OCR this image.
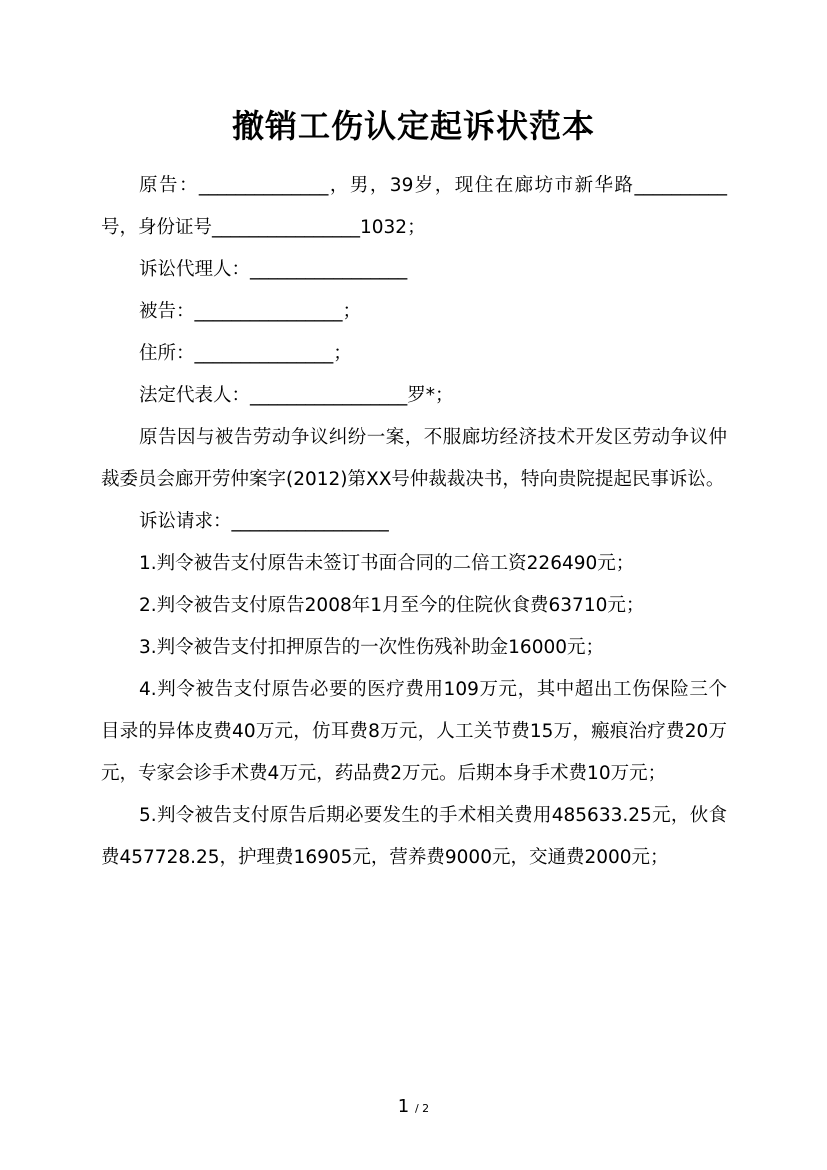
撤销工伤认定起诉状范本

原告：______________，男，39岁，现住在廊坊市新华路__________号，身份证号________________1032；

诉讼代理人：_________________

被告：________________；

住所：_______________；

法定代表人：_________________罗*；

原告因与被告劳动争议纠纷一案，不服廊坊经济技术开发区劳动争议仲裁委员会廊开劳仲案字(2012)第XX号仲裁裁决书，特向贵院提起民事诉讼。

诉讼请求：_________________

1.判令被告支付原告未签订书面合同的二倍工资226490元；

2.判令被告支付原告2008年1月至今的住院伙食费63710元；

3.判令被告支付扣押原告的一次性伤残补助金16000元；

4.判令被告支付原告必要的医疗费用109万元，其中超出工伤保险三个目录的异体皮费40万元，仿耳费8万元，人工关节费15万，瘢痕治疗费20万元，专家会诊手术费4万元，药品费2万元。后期本身手术费10万元；

5.判令被告支付原告后期必要发生的手术相关费用485633.25元，伙食费457728.25，护理费16905元，营养费9000元，交通费2000元；

1 / 2
